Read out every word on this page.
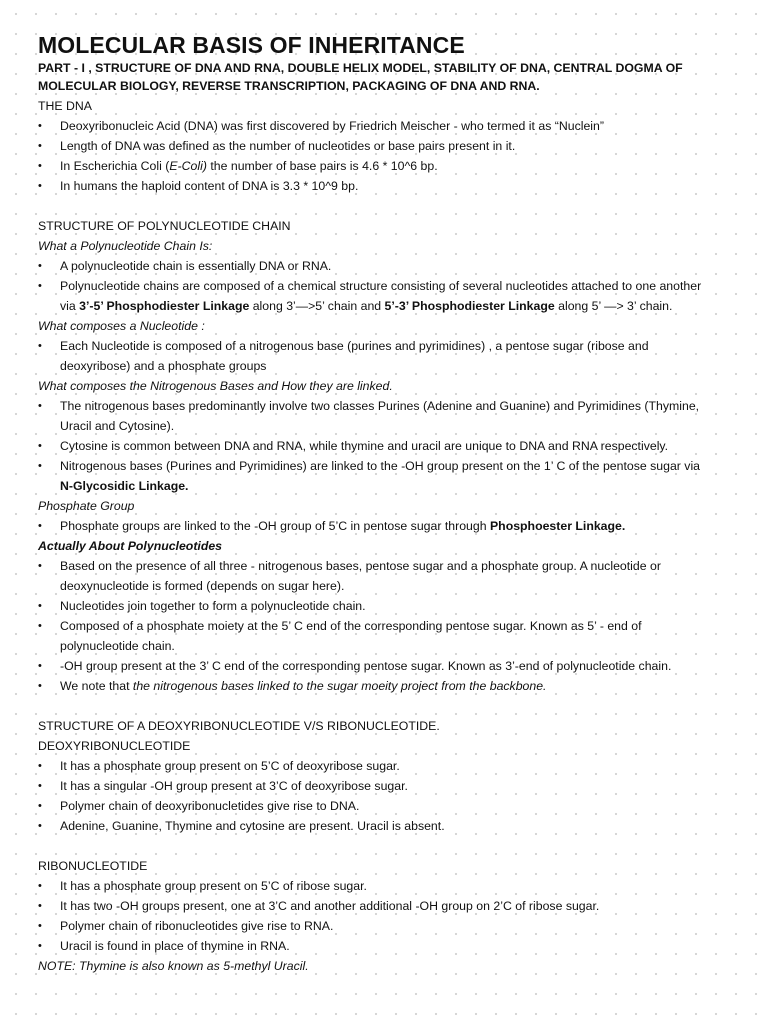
MOLECULAR BASIS OF INHERITANCE
PART - I , STRUCTURE OF DNA AND RNA, DOUBLE HELIX MODEL, STABILITY OF DNA, CENTRAL DOGMA OF
MOLECULAR BIOLOGY, REVERSE TRANSCRIPTION, PACKAGING OF DNA AND RNA.
THE DNA
• Deoxyribonucleic Acid (DNA) was first discovered by Friedrich Meischer - who termed it as “Nuclein”
• Length of DNA was defined as the number of nucleotides or base pairs present in it.
• In Escherichia Coli (E-Coli) the number of base pairs is 4.6 * 10^6 bp.
• In humans the haploid content of DNA is 3.3 * 10^9 bp.
STRUCTURE OF POLYNUCLEOTIDE CHAIN
What a Polynucleotide Chain Is:
• A polynucleotide chain is essentially DNA or RNA.
• Polynucleotide chains are composed of a chemical structure consisting of several nucleotides attached to one another
via 3’-5’ Phosphodiester Linkage along 3’—>5’ chain and 5’-3’ Phosphodiester Linkage along 5’ —> 3’ chain.
What composes a Nucleotide :
• Each Nucleotide is composed of a nitrogenous base (purines and pyrimidines) , a pentose sugar (ribose and
deoxyribose) and a phosphate groups
What composes the Nitrogenous Bases and How they are linked.
• The nitrogenous bases predominantly involve two classes Purines (Adenine and Guanine) and Pyrimidines (Thymine,
Uracil and Cytosine).
• Cytosine is common between DNA and RNA, while thymine and uracil are unique to DNA and RNA respectively.
• Nitrogenous bases (Purines and Pyrimidines) are linked to the -OH group present on the 1’ C of the pentose sugar via
N-Glycosidic Linkage.
Phosphate Group
• Phosphate groups are linked to the -OH group of 5’C in pentose sugar through Phosphoester Linkage.
Actually About Polynucleotides
• Based on the presence of all three - nitrogenous bases, pentose sugar and a phosphate group. A nucleotide or
deoxynucleotide is formed (depends on sugar here).
• Nucleotides join together to form a polynucleotide chain.
• Composed of a phosphate moiety at the 5’ C end of the corresponding pentose sugar. Known as 5’ - end of
polynucleotide chain.
• -OH group present at the 3’ C end of the corresponding pentose sugar. Known as 3’-end of polynucleotide chain.
• We note that the nitrogenous bases linked to the sugar moeity project from the backbone.
STRUCTURE OF A DEOXYRIBONUCLEOTIDE V/S RIBONUCLEOTIDE.
DEOXYRIBONUCLEOTIDE
• It has a phosphate group present on 5’C of deoxyribose sugar.
• It has a singular -OH group present at 3’C of deoxyribose sugar.
• Polymer chain of deoxyribonucletides give rise to DNA.
• Adenine, Guanine, Thymine and cytosine are present. Uracil is absent.
RIBONUCLEOTIDE
• It has a phosphate group present on 5’C of ribose sugar.
• It has two -OH groups present, one at 3’C and another additional -OH group on 2’C of ribose sugar.
• Polymer chain of ribonucleotides give rise to RNA.
• Uracil is found in place of thymine in RNA.
NOTE: Thymine is also known as 5-methyl Uracil.
